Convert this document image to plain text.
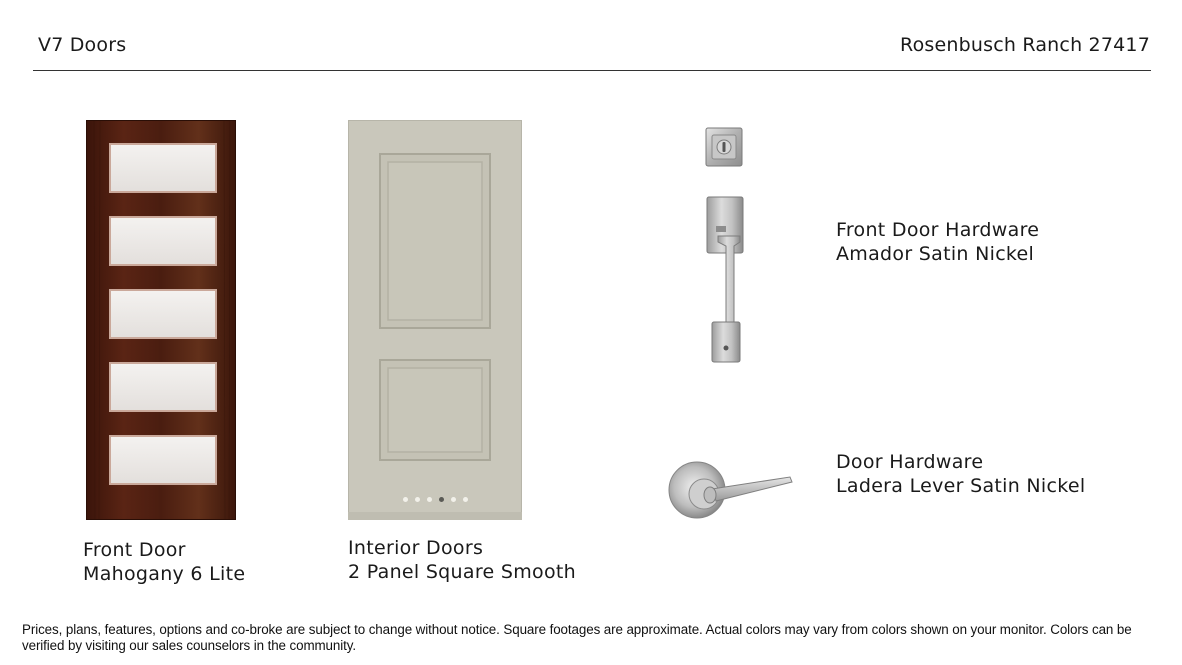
V7 Doors	Rosenbusch Ranch 27417
Front Door
Mahogany 6 Lite
Interior Doors
2 Panel Square Smooth
Front Door Hardware
Amador Satin Nickel
Door Hardware
Ladera Lever Satin Nickel
Prices, plans, features, options and co-broke are subject to change without notice. Square footages are approximate. Actual colors may vary from colors shown on your monitor. Colors can be verified by visiting our sales counselors in the community.
